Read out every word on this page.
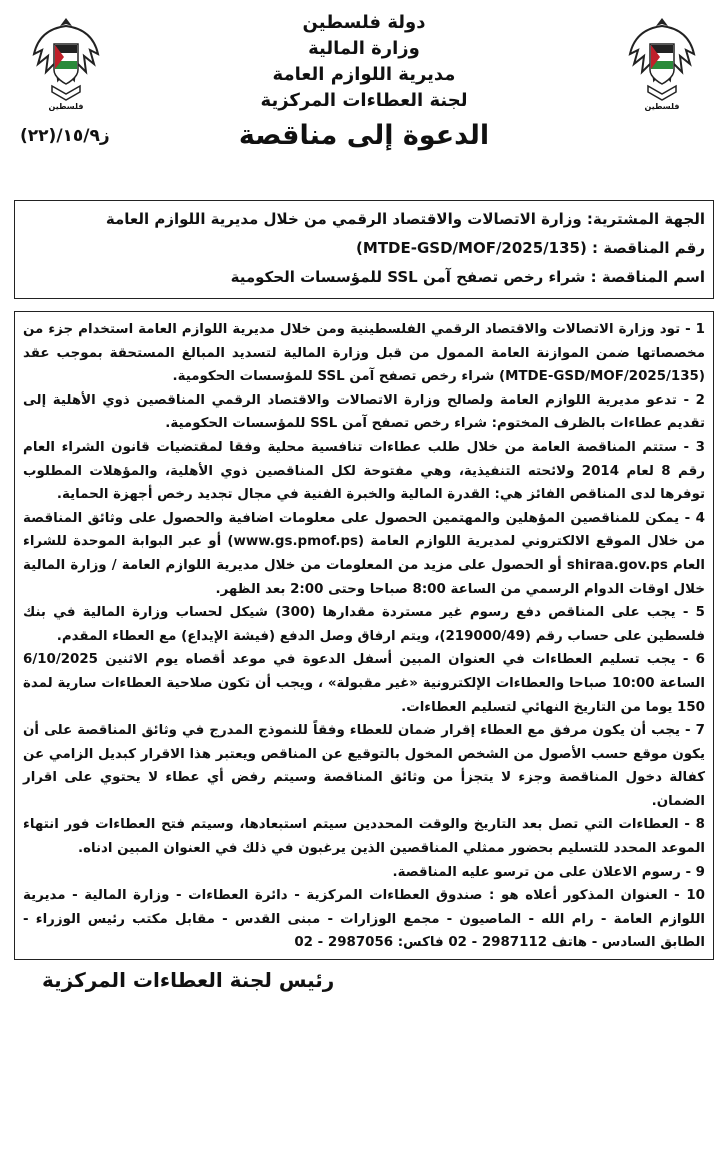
فلسطين
فلسطين
دولة فلسطين
وزارة المالية
مديرية اللوازم العامة
لجنة العطاءات المركزية
الدعوة إلى مناقصة
ز١٥/٩/(٢٢)
الجهة المشترية: وزارة الاتصالات والاقتصاد الرقمي من خلال مديرية اللوازم العامة
رقم المناقصة : (MTDE-GSD/MOF/2025/135)
اسم المناقصة : شراء رخص تصفح آمن SSL للمؤسسات الحكومية

1 - تود وزارة الاتصالات والاقتصاد الرقمي الفلسطينية ومن خلال مديرية اللوازم العامة استخدام جزء من مخصصاتها ضمن الموازنة العامة الممول من قبل وزارة المالية لتسديد المبالغ المستحقة بموجب عقد (MTDE-GSD/MOF/2025/135) شراء رخص تصفح آمن SSL للمؤسسات الحكومية.

2 - تدعو مديرية اللوازم العامة ولصالح وزارة الاتصالات والاقتصاد الرقمي المناقصين ذوي الأهلية إلى تقديم عطاءات بالظرف المختوم: شراء رخص تصفح آمن SSL للمؤسسات الحكومية.

3 - ستتم المناقصة العامة من خلال طلب عطاءات تنافسية محلية وفقا لمقتضيات قانون الشراء العام رقم 8 لعام 2014 ولائحته التنفيذية، وهي مفتوحة لكل المناقصين ذوي الأهلية، والمؤهلات المطلوب توفرها لدى المناقص الفائز هي: القدرة المالية والخبرة الفنية في مجال تجديد رخص أجهزة الحماية.

4 - يمكن للمناقصين المؤهلين والمهتمين الحصول على معلومات اضافية والحصول على وثائق المناقصة من خلال الموقع الالكتروني لمديرية اللوازم العامة (www.gs.pmof.ps) أو عبر البوابة الموحدة للشراء العام shiraa.gov.ps أو الحصول على مزيد من المعلومات من خلال مديرية اللوازم العامة / وزارة المالية خلال اوقات الدوام الرسمي من الساعة 8:00 صباحا وحتى 2:00 بعد الظهر.

5 - يجب على المناقص دفع رسوم غير مستردة مقدارها (300) شيكل لحساب وزارة المالية في بنك فلسطين على حساب رقم (219000/49)، ويتم ارفاق وصل الدفع (فيشة الإيداع) مع العطاء المقدم.

6 - يجب تسليم العطاءات في العنوان المبين أسفل الدعوة في موعد أقصاه يوم الاثنين 6/10/2025 الساعة 10:00 صباحا والعطاءات الإلكترونية «غير مقبولة» ، ويجب أن تكون صلاحية العطاءات سارية لمدة 150 يوما من التاريخ النهائي لتسليم العطاءات.

7 - يجب أن يكون مرفق مع العطاء إقرار ضمان للعطاء وفقاً للنموذج المدرج في وثائق المناقصة على أن يكون موقع حسب الأصول من الشخص المخول بالتوقيع عن المناقص ويعتبر هذا الاقرار كبديل الزامي عن كفالة دخول المناقصة وجزء لا يتجزأ من وثائق المناقصة وسيتم رفض أي عطاء لا يحتوي على اقرار الضمان.

8 - العطاءات التي تصل بعد التاريخ والوقت المحددين سيتم استبعادها، وسيتم فتح العطاءات فور انتهاء الموعد المحدد للتسليم بحضور ممثلي المناقصين الذين يرغبون في ذلك في العنوان المبين ادناه.

9 - رسوم الاعلان على من ترسو عليه المناقصة.

10 - العنوان المذكور أعلاه هو : صندوق العطاءات المركزية - دائرة العطاءات - وزارة المالية - مديرية اللوازم العامة - رام الله - الماصيون - مجمع الوزارات - مبنى القدس - مقابل مكتب رئيس الوزراء - الطابق السادس - هاتف 2987112 - 02 فاكس: 2987056 - 02

رئيس لجنة العطاءات المركزية
